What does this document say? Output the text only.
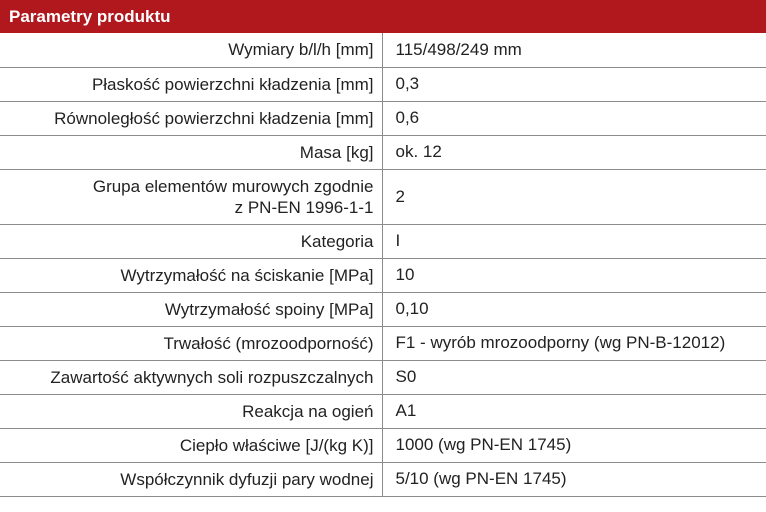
Parametry produktu
Wymiary b/l/h [mm]	115/498/249 mm
Płaskość powierzchni kładzenia [mm]	0,3
Równoległość powierzchni kładzenia [mm]	0,6
Masa [kg]	ok. 12

Grupa elementów murowych zgodnie
z PN-EN 1996-1-1	2
Kategoria	I
Wytrzymałość na ściskanie [MPa]	10
Wytrzymałość spoiny [MPa]	0,10
Trwałość (mrozoodporność)	F1 - wyrób mrozoodporny (wg PN-B-12012)
Zawartość aktywnych soli rozpuszczalnych	S0
Reakcja na ogień	A1
Ciepło właściwe [J/(kg K)]	1000 (wg PN-EN 1745)
Współczynnik dyfuzji pary wodnej	5/10 (wg PN-EN 1745)
